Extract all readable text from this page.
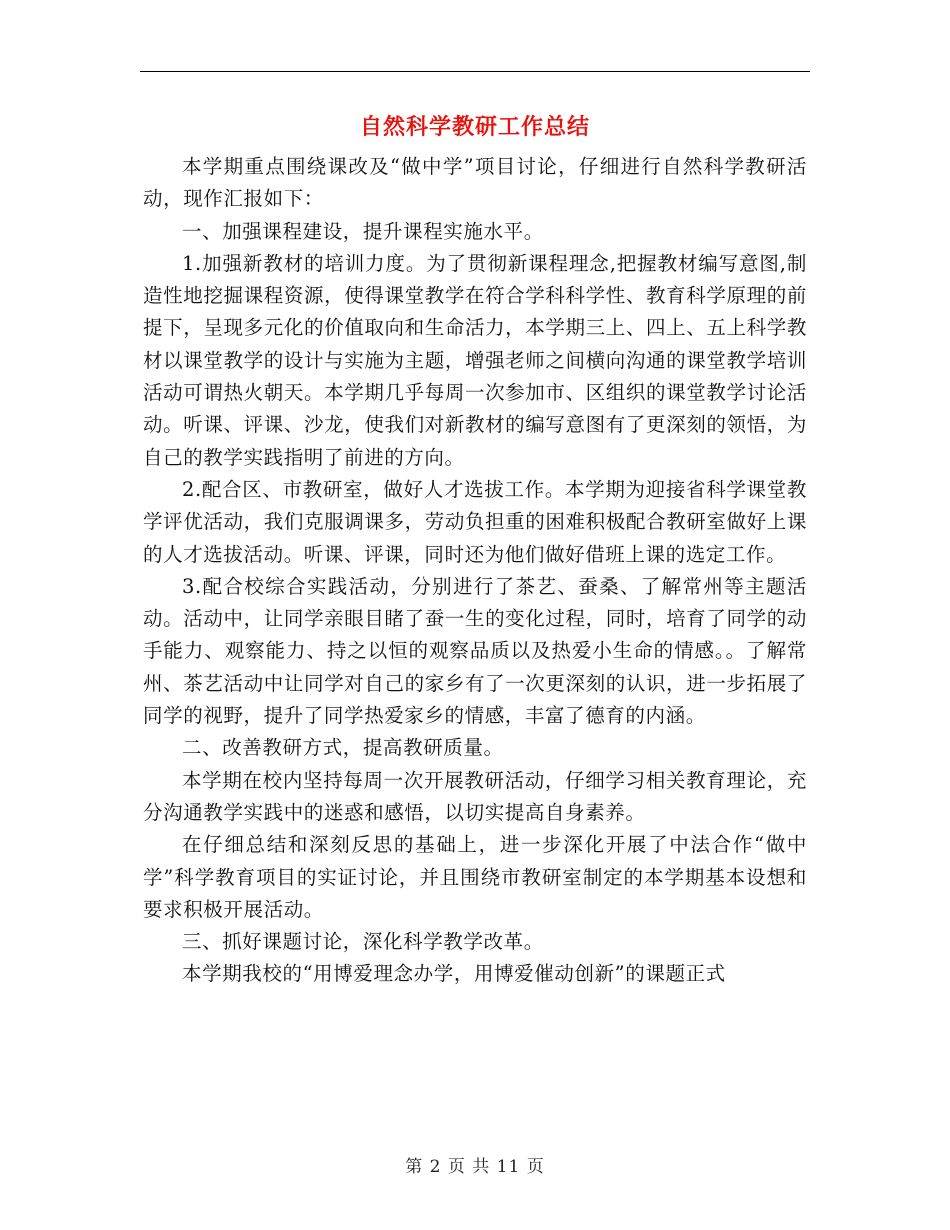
自然科学教研工作总结

本学期重点围绕课改及“做中学”项目讨论，仔细进行自然科学教研活动，现作汇报如下：

一、加强课程建设，提升课程实施水平。

1.加强新教材的培训力度。为了贯彻新课程理念,把握教材编写意图,制造性地挖掘课程资源，使得课堂教学在符合学科科学性、教育科学原理的前提下，呈现多元化的价值取向和生命活力，本学期三上、四上、五上科学教材以课堂教学的设计与实施为主题，增强老师之间横向沟通的课堂教学培训活动可谓热火朝天。本学期几乎每周一次参加市、区组织的课堂教学讨论活动。听课、评课、沙龙，使我们对新教材的编写意图有了更深刻的领悟，为自己的教学实践指明了前进的方向。

2.配合区、市教研室，做好人才选拔工作。本学期为迎接省科学课堂教学评优活动，我们克服调课多，劳动负担重的困难积极配合教研室做好上课的人才选拔活动。听课、评课，同时还为他们做好借班上课的选定工作。

3.配合校综合实践活动，分别进行了茶艺、蚕桑、了解常州等主题活动。活动中，让同学亲眼目睹了蚕一生的变化过程，同时，培育了同学的动手能力、观察能力、持之以恒的观察品质以及热爱小生命的情感。。了解常州、茶艺活动中让同学对自己的家乡有了一次更深刻的认识，进一步拓展了同学的视野，提升了同学热爱家乡的情感，丰富了德育的内涵。

二、改善教研方式，提高教研质量。

本学期在校内坚持每周一次开展教研活动，仔细学习相关教育理论，充分沟通教学实践中的迷惑和感悟，以切实提高自身素养。

在仔细总结和深刻反思的基础上，进一步深化开展了中法合作“做中学”科学教育项目的实证讨论，并且围绕市教研室制定的本学期基本设想和要求积极开展活动。

三、抓好课题讨论，深化科学教学改革。

本学期我校的“用博爱理念办学，用博爱催动创新”的课题正式

第 2 页 共 11 页
